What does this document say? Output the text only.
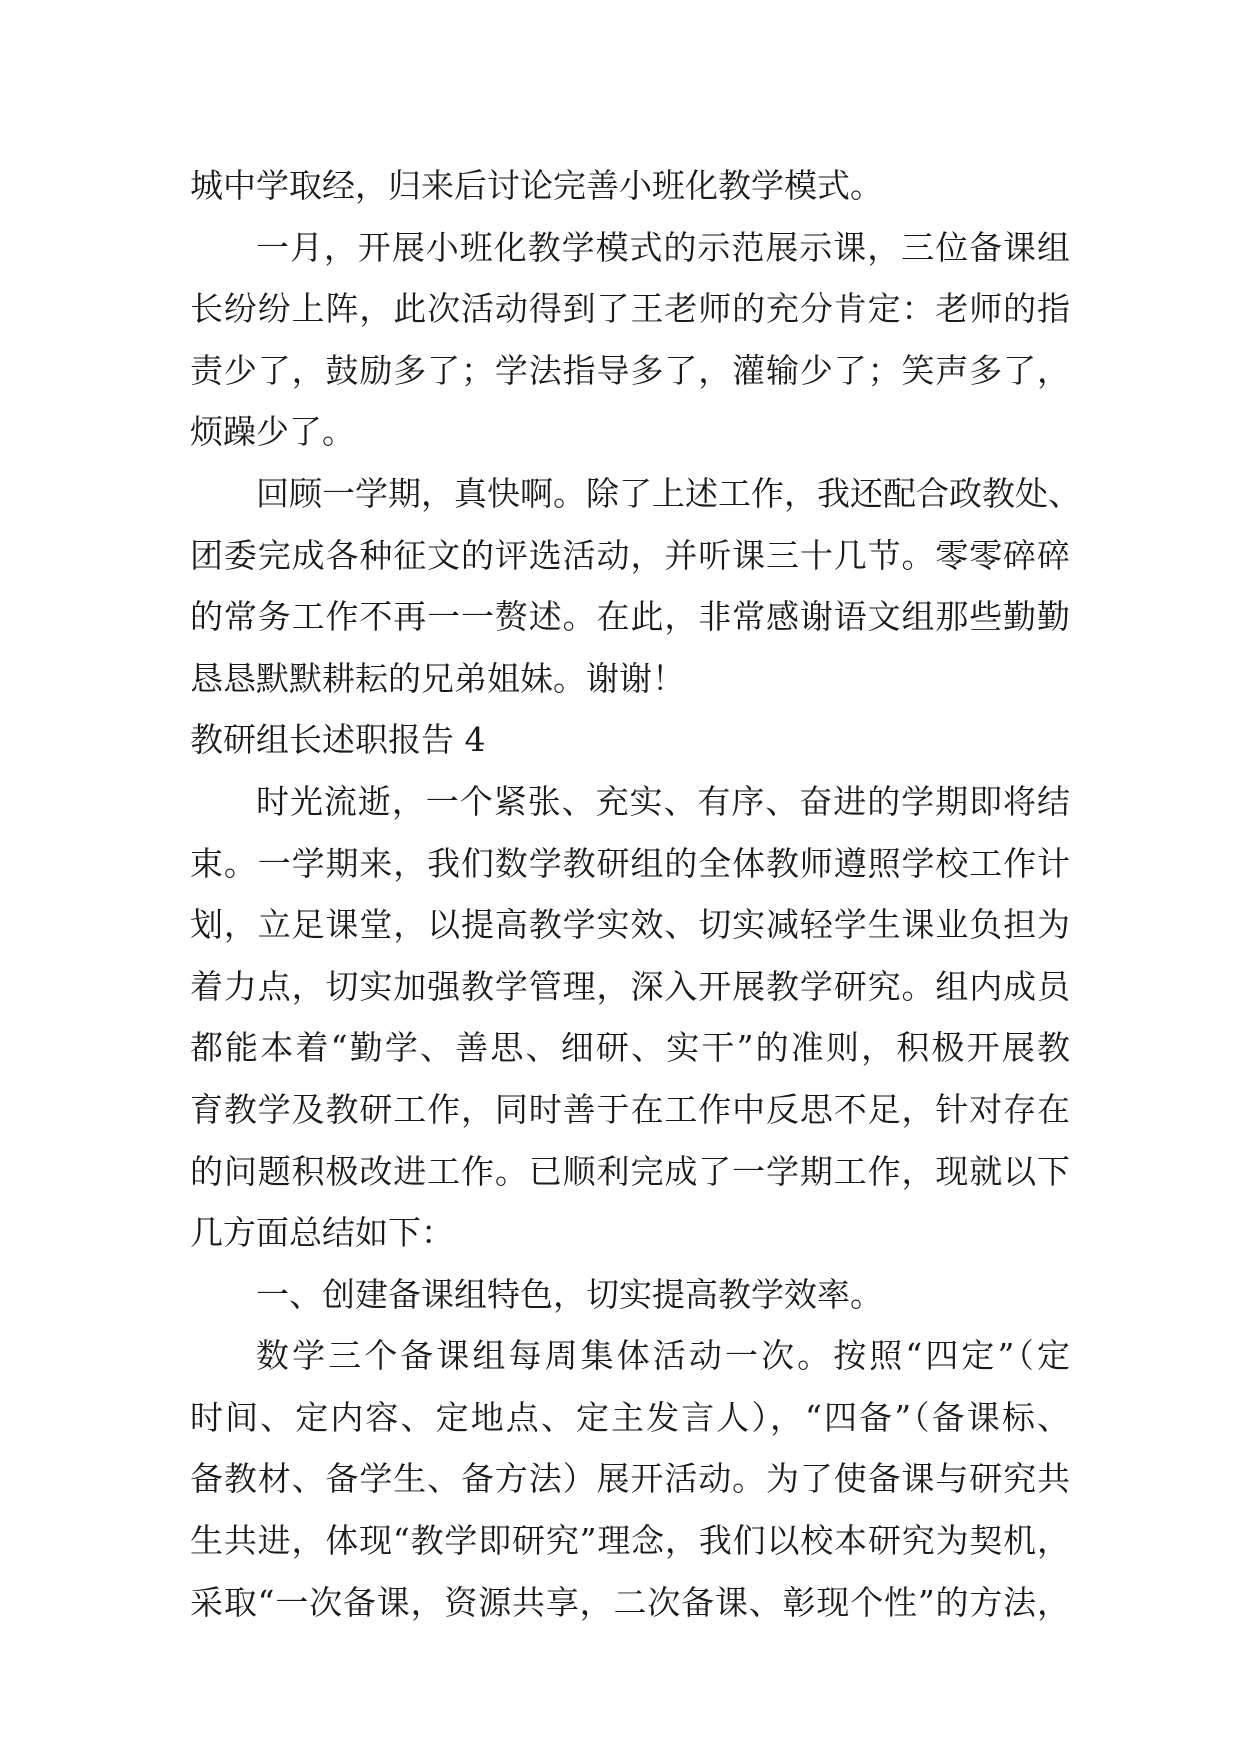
城中学取经，归来后讨论完善小班化教学模式。
一月，开展小班化教学模式的示范展示课，三位备课组
长纷纷上阵，此次活动得到了王老师的充分肯定：老师的指
责少了，鼓励多了；学法指导多了，灌输少了；笑声多了，
烦躁少了。
回顾一学期，真快啊。除了上述工作，我还配合政教处、
团委完成各种征文的评选活动，并听课三十几节。零零碎碎
的常务工作不再一一赘述。在此，非常感谢语文组那些勤勤
恳恳默默耕耘的兄弟姐妹。谢谢！
教研组长述职报告 4
时光流逝，一个紧张、充实、有序、奋进的学期即将结
束。一学期来，我们数学教研组的全体教师遵照学校工作计
划，立足课堂，以提高教学实效、切实减轻学生课业负担为
着力点，切实加强教学管理，深入开展教学研究。组内成员
都能本着“勤学、善思、细研、实干”的准则，积极开展教
育教学及教研工作，同时善于在工作中反思不足，针对存在
的问题积极改进工作。已顺利完成了一学期工作，现就以下
几方面总结如下：
一、创建备课组特色，切实提高教学效率。
数学三个备课组每周集体活动一次。按照“四定”（定
时间、定内容、定地点、定主发言人），“四备”（备课标、
备教材、备学生、备方法）展开活动。为了使备课与研究共
生共进，体现“教学即研究”理念，我们以校本研究为契机，
采取“一次备课，资源共享，二次备课、彰现个性”的方法，
